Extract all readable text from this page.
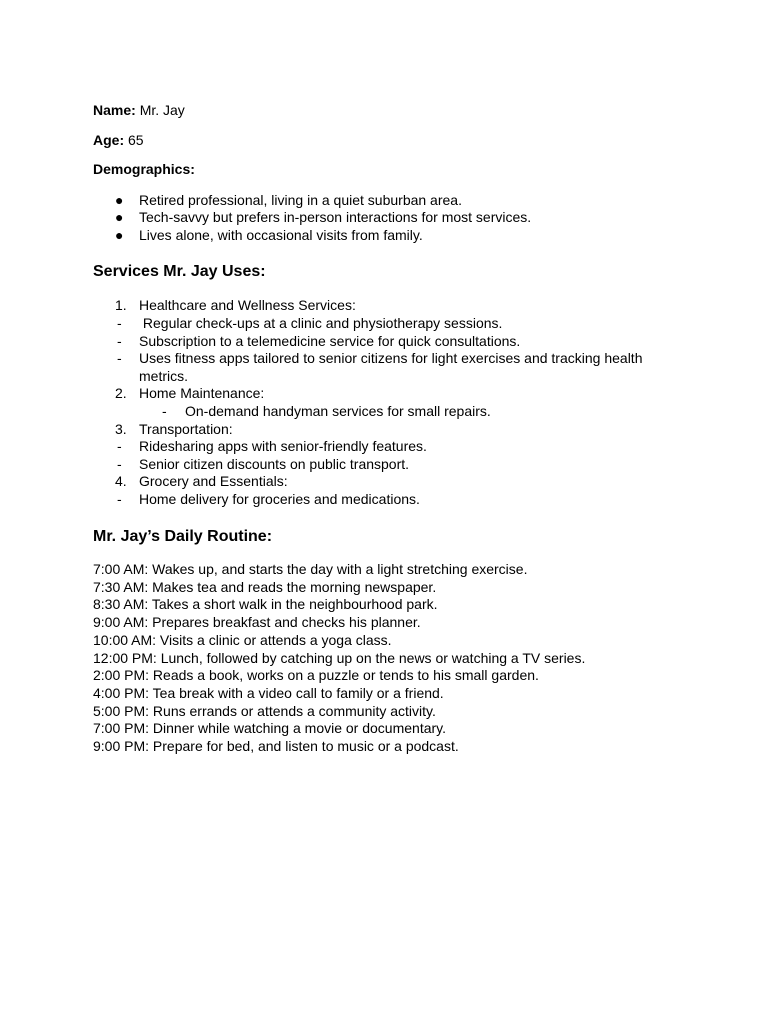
Name: Mr. Jay

Age: 65

Demographics:

● Retired professional, living in a quiet suburban area.
● Tech-savvy but prefers in-person interactions for most services.
● Lives alone, with occasional visits from family.
Services Mr. Jay Uses:
1. Healthcare and Wellness Services:
- Regular check-ups at a clinic and physiotherapy sessions.
- Subscription to a telemedicine service for quick consultations.
- Uses fitness apps tailored to senior citizens for light exercises and tracking health
metrics.
2. Home Maintenance:
- On-demand handyman services for small repairs.
3. Transportation:
- Ridesharing apps with senior-friendly features.
- Senior citizen discounts on public transport.
4. Grocery and Essentials:
- Home delivery for groceries and medications.
Mr. Jay’s Daily Routine:
7:00 AM: Wakes up, and starts the day with a light stretching exercise.
7:30 AM: Makes tea and reads the morning newspaper.
8:30 AM: Takes a short walk in the neighbourhood park.
9:00 AM: Prepares breakfast and checks his planner.
10:00 AM: Visits a clinic or attends a yoga class.
12:00 PM: Lunch, followed by catching up on the news or watching a TV series.
2:00 PM: Reads a book, works on a puzzle or tends to his small garden.
4:00 PM: Tea break with a video call to family or a friend.
5:00 PM: Runs errands or attends a community activity.
7:00 PM: Dinner while watching a movie or documentary.
9:00 PM: Prepare for bed, and listen to music or a podcast.
